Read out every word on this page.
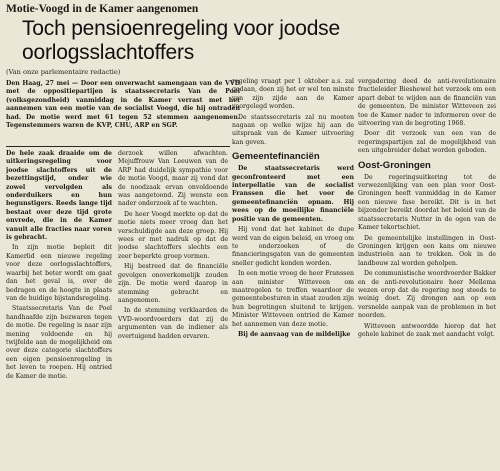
Motie-Voogd in de Kamer aangenomen
Toch pensioenregeling voor joodse oorlogsslachtoffers
(Van onze parlementaire redactie)

regeling vraagt per 1 oktober a.s. zal gedaan, doen zij het er wel ten minste van zijn zijde aan de Kamer voorgelegd worden.

De staatssecretaris zal nu moeten nagaan op welke wijze hij aan de uitspraak van de Kamer uitvoering kan geven.

Gemeentefinanciën

De staatssecretaris werd geconfronteerd met een interpellatie van de socialist Franssen die het voor de gemeentefinanciën opnam. Hij wees op de moeilijke financiële positie van de gemeenten.

Hij vond dat het kabinet de dupe werd van de eigen beleid, en vroeg om te onderzoeken of de financieringsgaten van de gemeenten sneller gedicht konden worden.

In een motie vroeg de heer Franssen aan minister Witteveen om maatregelen te treffen waardoor de gemeentebesturen in staat zouden zijn hun begrotingen sluitend te krijgen. Minister Witteveen ontried de Kamer het aannemen van deze motie.

Bij de aanvaag van de mildelijke

vergadering deed de anti-revolutionaire fractieleider Bieshewel het verzoek om een apart debat te wijden aan de financiën van de gemeenten. De minister Witteveen zei toe de Kamer nader te informeren over de uitvoering van de begroting 1968.

Door dit verzoek van een van de regeringspartijen zal de mogelijkheid van een uitgebreider debat worden geboden.

Oost-Groningen

De regeringsuitkering tot de verwezenlijking van een plan voor Oost-Groningen heeft vanmiddag in de Kamer een nieuwe fase bereikt. Dit is in het bijzonder bereikt doordat het beleid van de staatssecretaris Nutter in de ogen van de Kamer tekortschiet.

De gemeentelijke instellingen in Oost-Groningen krijgen een kans om nieuwe industrieën aan te trekken. Ook in de landbouw zal worden geholpen.

De communistische woordvoerder Bakker en de anti-revolutionaire heer Mellema wezen erop dat de regering nog steeds te weinig doet. Zij drongen aan op een versnelde aanpak van de problemen in het noorden.

Witteveen antwoordde hierop dat het gehele kabinet de zaak met aandacht volgt.

Den Haag, 27 mei — Door een onverwacht samengaan van de VVD met de oppositiepartijen is staatssecretaris Van de Poel (volksgezondheid) vanmiddag in de Kamer verrast met het aannemen van een motie van de socialist Voogd, die hij ontraden had. De motie werd met 61 tegen 52 stemmen aangenomen. Tegenstemmers waren de KVP, CHU, ARP en SGP.

De hele zaak draaide om de uitkeringsregeling voor joodse slachtoffers uit de bezettingstijd, onder wie zowel vervolgden als onderduikers en hun begunstigers. Reeds lange tijd bestaat over deze tijd grote onvrede, die in de Kamer vanuit alle fracties naar voren is gebracht.

In zijn motie bepleit dit Kamerlid een nieuwe regeling voor deze oorlogsslachtoffers, waarbij het beter wordt om gaat dan het geval is, over de bedragen en de hoogte in plaats van de huidige bijstandsregeling.

Staatssecretaris Van de Poel handhaafde zijn bezwaren tegen de motie. De regeling is naar zijn mening voldoende en hij twijfelde aan de mogelijkheid om over deze categorie slachtoffers een eigen pensioenregeling in het leven te roepen. Hij ontried de Kamer de motie.

derzoek willen afwachten. Mejuffrouw Van Leeuwen van de ARP had duidelijk sympathie voor de motie Voogd, maar zij vond dat de noodzaak ervan onvoldoende was aangetoond. Zij wenste een nader onderzoek af te wachten.

De heer Voogd merkte op dat de motie niets meer vroeg dan het verschuldigde aan deze groep. Hij wees er met nadruk op dat de joodse slachtoffers slechts een zeer beperkte groep vormen.

Hij bestreed dat de financiële gevolgen onoverkomelijk zouden zijn. De motie werd daarop in stemming gebracht en aangenomen.

In de stemming verklaarden de VVD-woordvoerders dat zij de argumenten van de indiener als overtuigend hadden ervaren.
